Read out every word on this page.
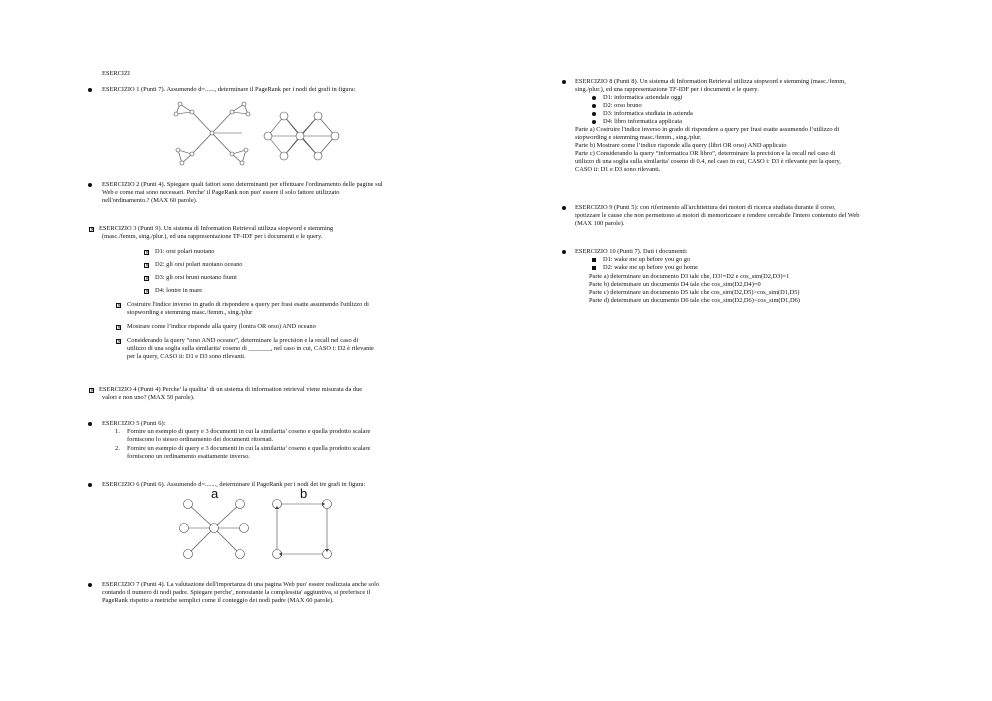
ESERCIZI
ESERCIZIO 1 (Punti 7). Assumendo d=......, determinare il PageRank per i nodi dei grafi in figura:
ESERCIZIO 2 (Punti 4). Spiegare quali fattori sono determinanti per effettuare l'ordinamento delle pagine sul
Web e come mai sono necessari. Perche' il PageRank non puo' essere il solo fattore utilizzato
nell'ordinamento.? (MAX 60 parole).
× ESERCIZIO 3 (Punti 9). Un sistema di Information Retrieval utilizza stopword e stemming
(masc./femm, sing./plur.), ed una rappresentazione TF-IDF per i documenti e le query.
× D1: orsi polari nuotano
× D2: gli orsi polari nuotano oceano
× D3: gli orsi bruni nuotano fiumi
× D4: lontre in mare
× Costruire l'indice inverso in grado di rispondere a query per frasi esatte assumendo l'utilizzo di
stopwording e stemming masc./femm., sing./plur
× Mostrare come l’indice risponde alla query (lontra OR orso) AND oceano
× Considerando la query “orso AND oceano”, determinare la precision e la recall nel caso di
utilizzo di una soglia sulla similarita' coseno di _______, nel caso in cui, CASO i: D2 è rilevante
per la query, CASO ii: D1 e D3 sono rilevanti.
× ESERCIZIO 4 (Punti 4) Perche’ la qualita’ di un sistema di information retrieval viene misurata da due
valori e non uno? (MAX 50 parole).
ESERCIZIO 5 (Punti 6):
1. Fornire un esempio di query e 3 documenti in cui la similarita’ coseno e quella prodotto scalare
forniscono lo stesso ordinamento dei documenti ritornati.
2. Fornire un esempio di query e 3 documenti in cui la similarita’ coseno e quella prodotto scalare
forniscono un ordinamento esattamente inverso.
ESERCIZIO 6 (Punti 6). Assumendo d=......., determinare il PageRank per i nodi dei tre grafi in figura:
a	b
ESERCIZIO 7 (Punti 4). La valutazione dell'importanza di una pagina Web puo' essere realizzata anche solo
contando il numero di nodi padre. Spiegare perche', nonostante la complessita' aggiuntiva, si preferisce il
PageRank rispetto a metriche semplici come il conteggio dei nodi padre (MAX 60 parole).
ESERCIZIO 8 (Punti 8). Un sistema di Information Retrieval utilizza stopword e stemming (masc./femm,
sing./plur.), ed una rappresentazione TF-IDF per i documenti e le query.
D1: informatica aziendale oggi
D2: orso bruno
D3: informatica studiata in azienda
D4: libro informatica applicata
Parte a) Costruire l'indice inverso in grado di rispondere a query per frasi esatte assumendo l’utilizzo di
stopwording e stemming masc./femm., sing./plur.
Parte b) Mostrare come l’indice risponde alla query (libri OR orso) AND applicato
Parte c) Considerando la query “informatica OR libro”, determinare la precision e la recall nel caso di
utilizzo di una soglia sulla similarita' coseno di 0.4, nel caso in cui, CASO i: D3 è rilevante per la query,
CASO ii: D1 e D3 sono rilevanti.
ESERCIZIO 9 (Punti 5): con riferimento all'architettura dei motori di ricerca studiata durante il corso,
ipotizzare le cause che non permettono ai motori di memorizzare e rendere cercabile l'intero contenuto del Web
(MAX 100 parole).
ESERCIZIO 10 (Punti 7). Dati i documenti:
D1: wake me up before you go go
D2: wake me up before you go home
Parte a) determinare un documento D3 tale che, D3!=D2 e cos_sim(D2,D3)=1
Parte b) determinare un documento D4 tale che cos_sim(D2,D4)=0
Parte c) determinare un documento D5 tale che cos_sim(D2,D5)>cos_sim(D1,D5)
Parte d) determinare un documento D6 tale che cos_sim(D2,D6)<cos_sim(D1,D6)
